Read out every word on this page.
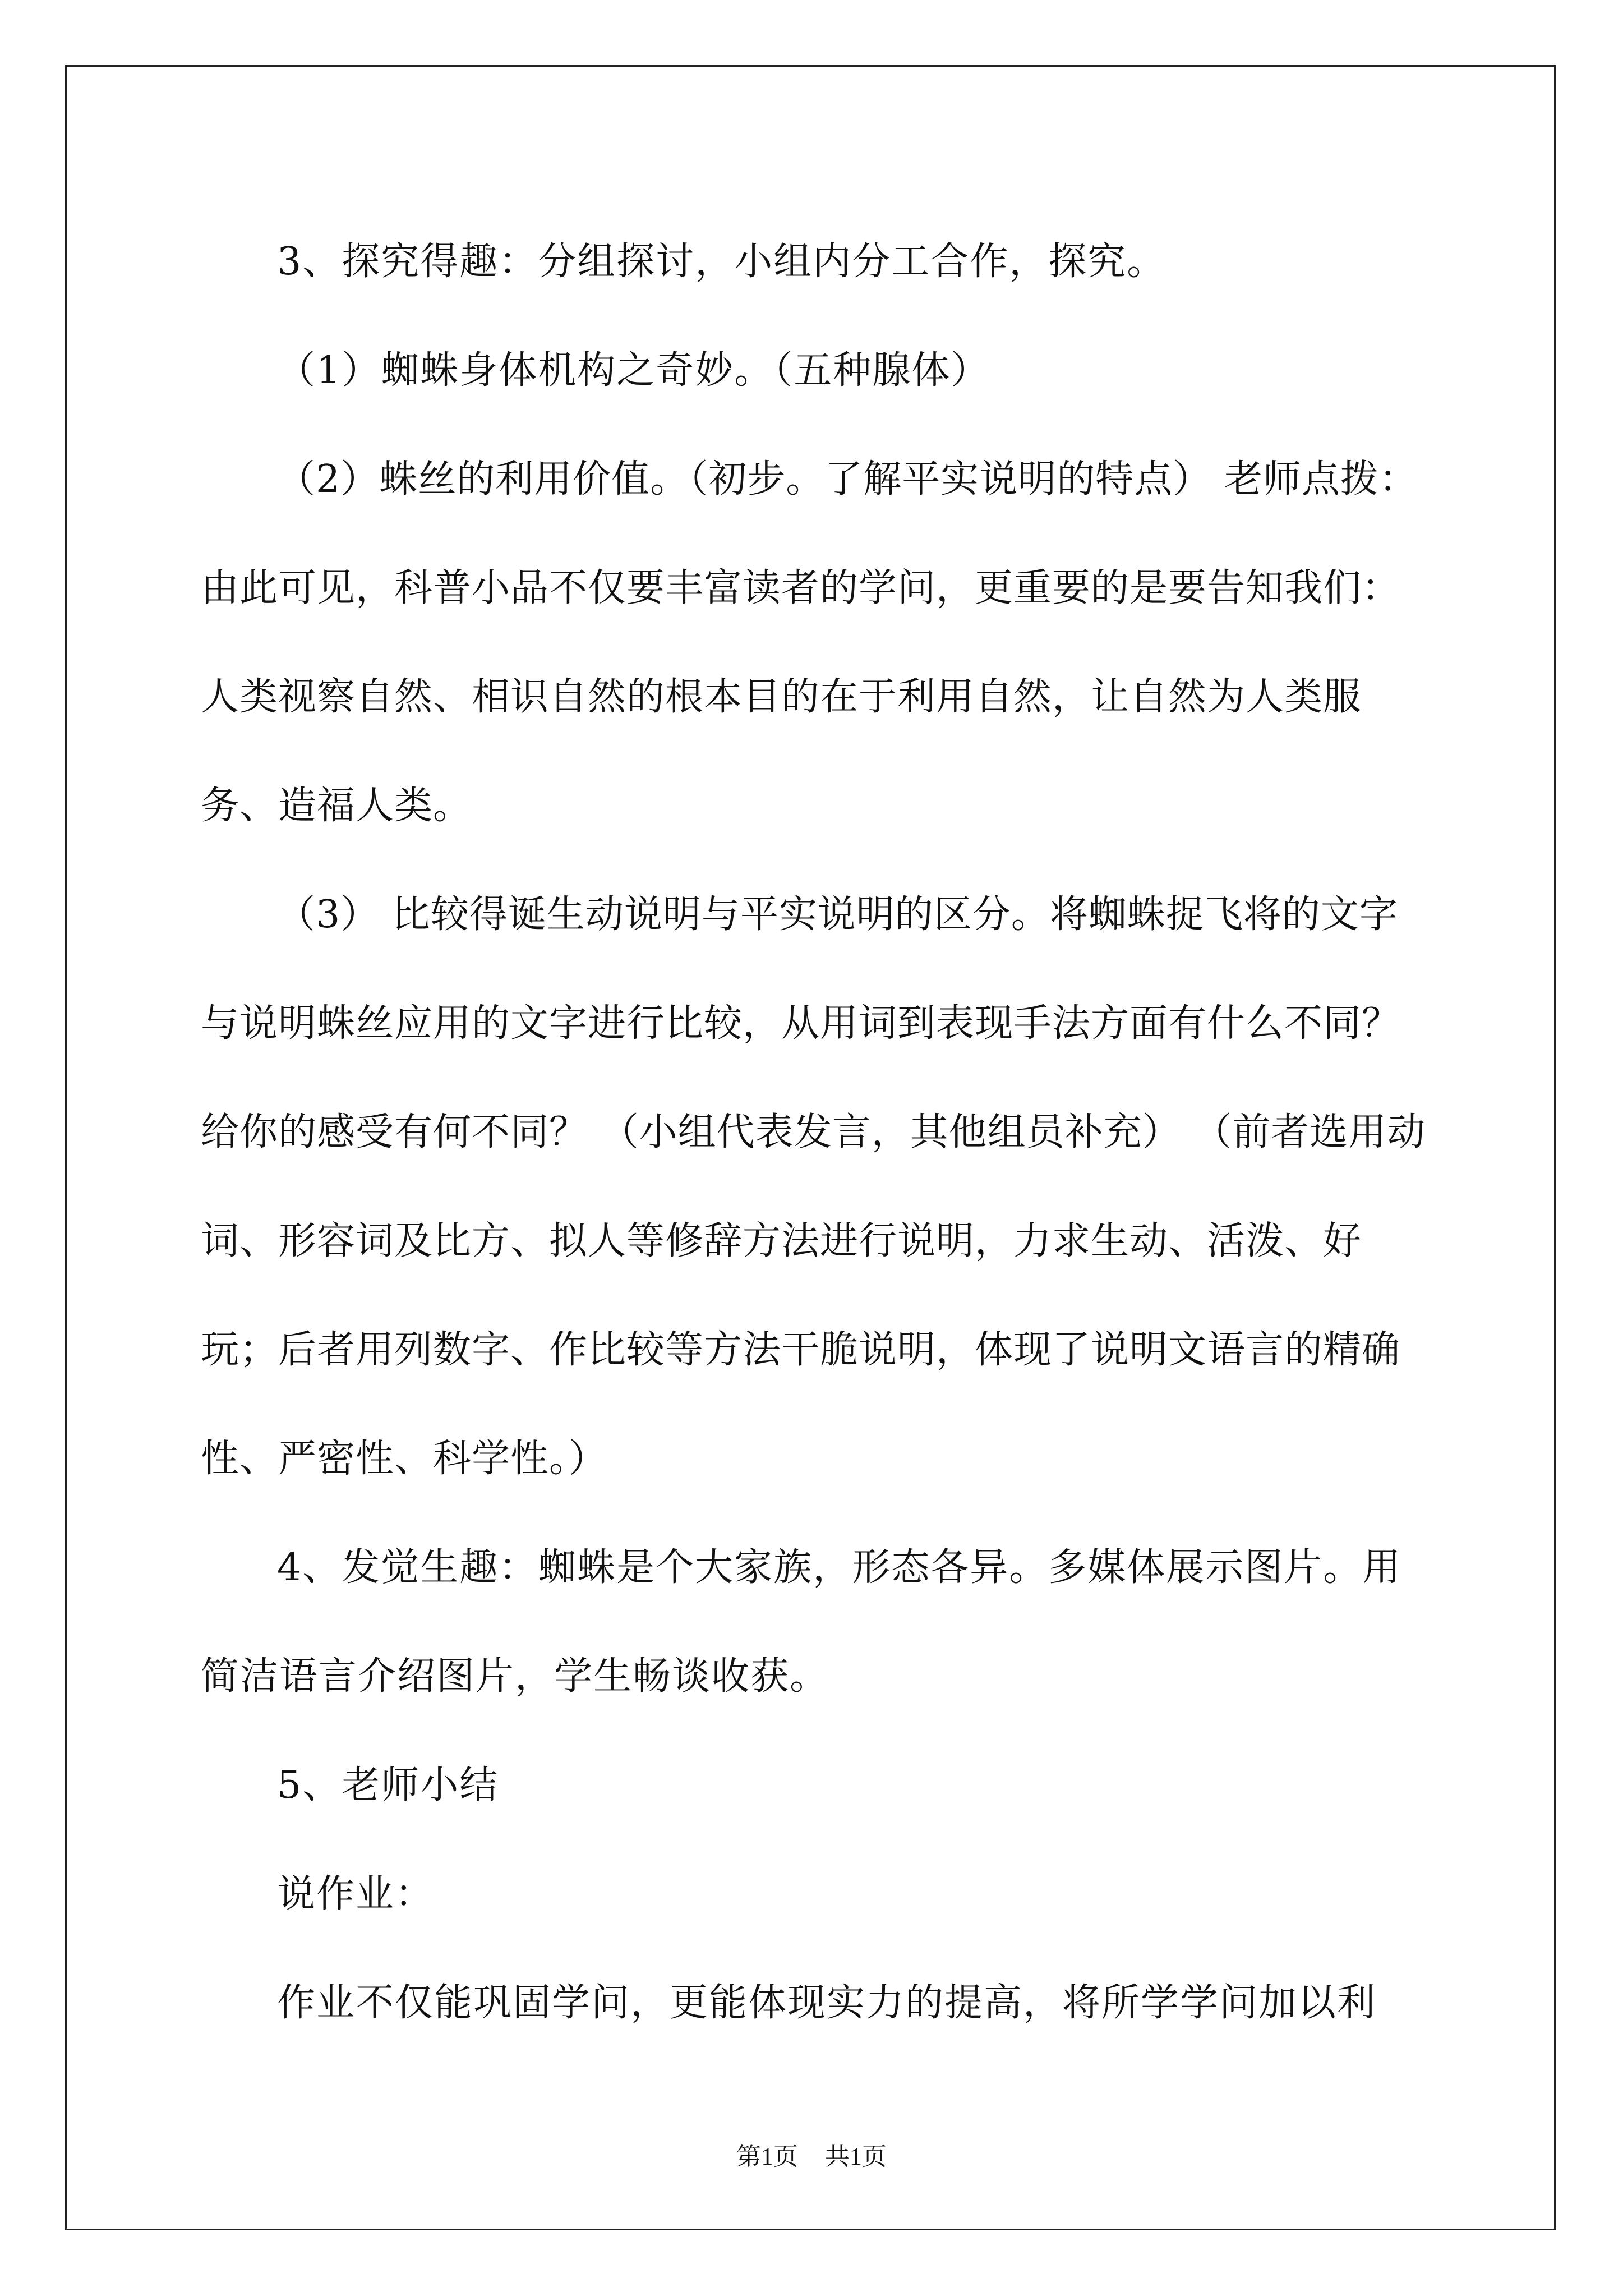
3、探究得趣：分组探讨，小组内分工合作，探究。

（1）蜘蛛身体机构之奇妙。（五种腺体）

（2）蛛丝的利用价值。（初步。了解平实说明的特点） 老师点拨：由此可见，科普小品不仅要丰富读者的学问，更重要的是要告知我们：人类视察自然、相识自然的根本目的在于利用自然，让自然为人类服务、造福人类。

（3） 比较得诞生动说明与平实说明的区分。将蜘蛛捉飞将的文字与说明蛛丝应用的文字进行比较，从用词到表现手法方面有什么不同？给你的感受有何不同？ （小组代表发言，其他组员补充） （前者选用动词、形容词及比方、拟人等修辞方法进行说明，力求生动、活泼、好玩；后者用列数字、作比较等方法干脆说明，体现了说明文语言的精确性、严密性、科学性。）

4、发觉生趣：蜘蛛是个大家族，形态各异。多媒体展示图片。用简洁语言介绍图片，学生畅谈收获。

5、老师小结

说作业：

作业不仅能巩固学问，更能体现实力的提高，将所学学问加以利

第1页 共1页
